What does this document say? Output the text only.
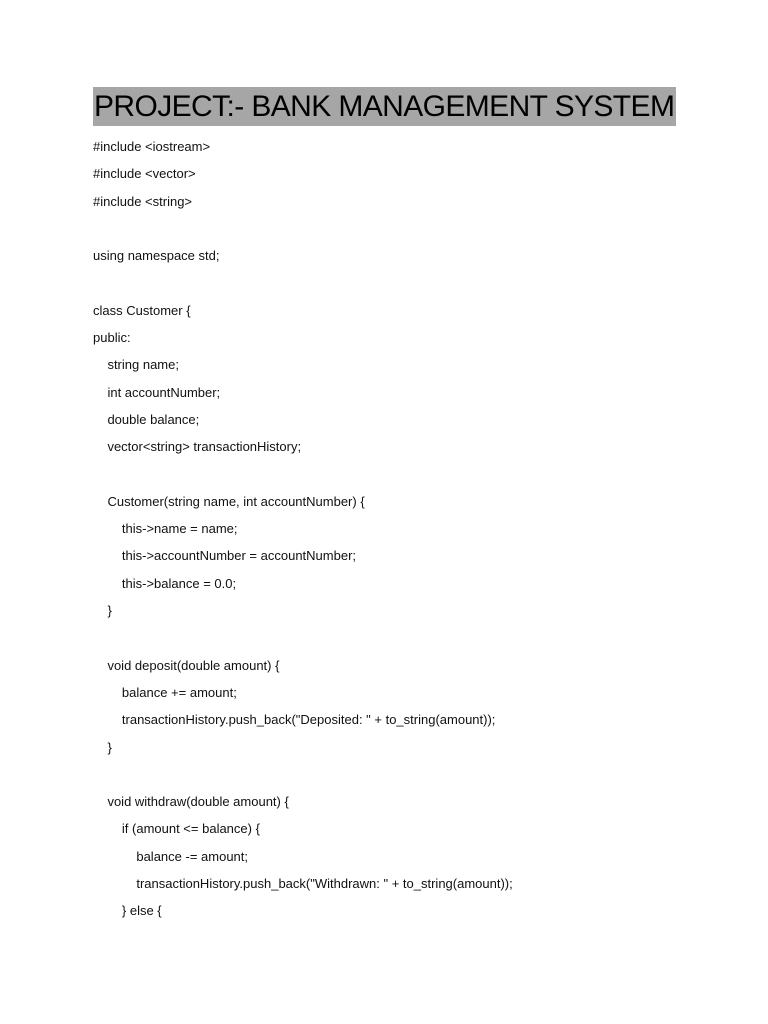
PROJECT:- BANK MANAGEMENT SYSTEM
#include <iostream>
#include <vector>
#include <string>
using namespace std;
class Customer {
public:
string name;
int accountNumber;
double balance;
vector<string> transactionHistory;
Customer(string name, int accountNumber) {
this->name = name;
this->accountNumber = accountNumber;
this->balance = 0.0;
}
void deposit(double amount) {
balance += amount;
transactionHistory.push_back("Deposited: " + to_string(amount));
}
void withdraw(double amount) {
if (amount <= balance) {
balance -= amount;
transactionHistory.push_back("Withdrawn: " + to_string(amount));
} else {
